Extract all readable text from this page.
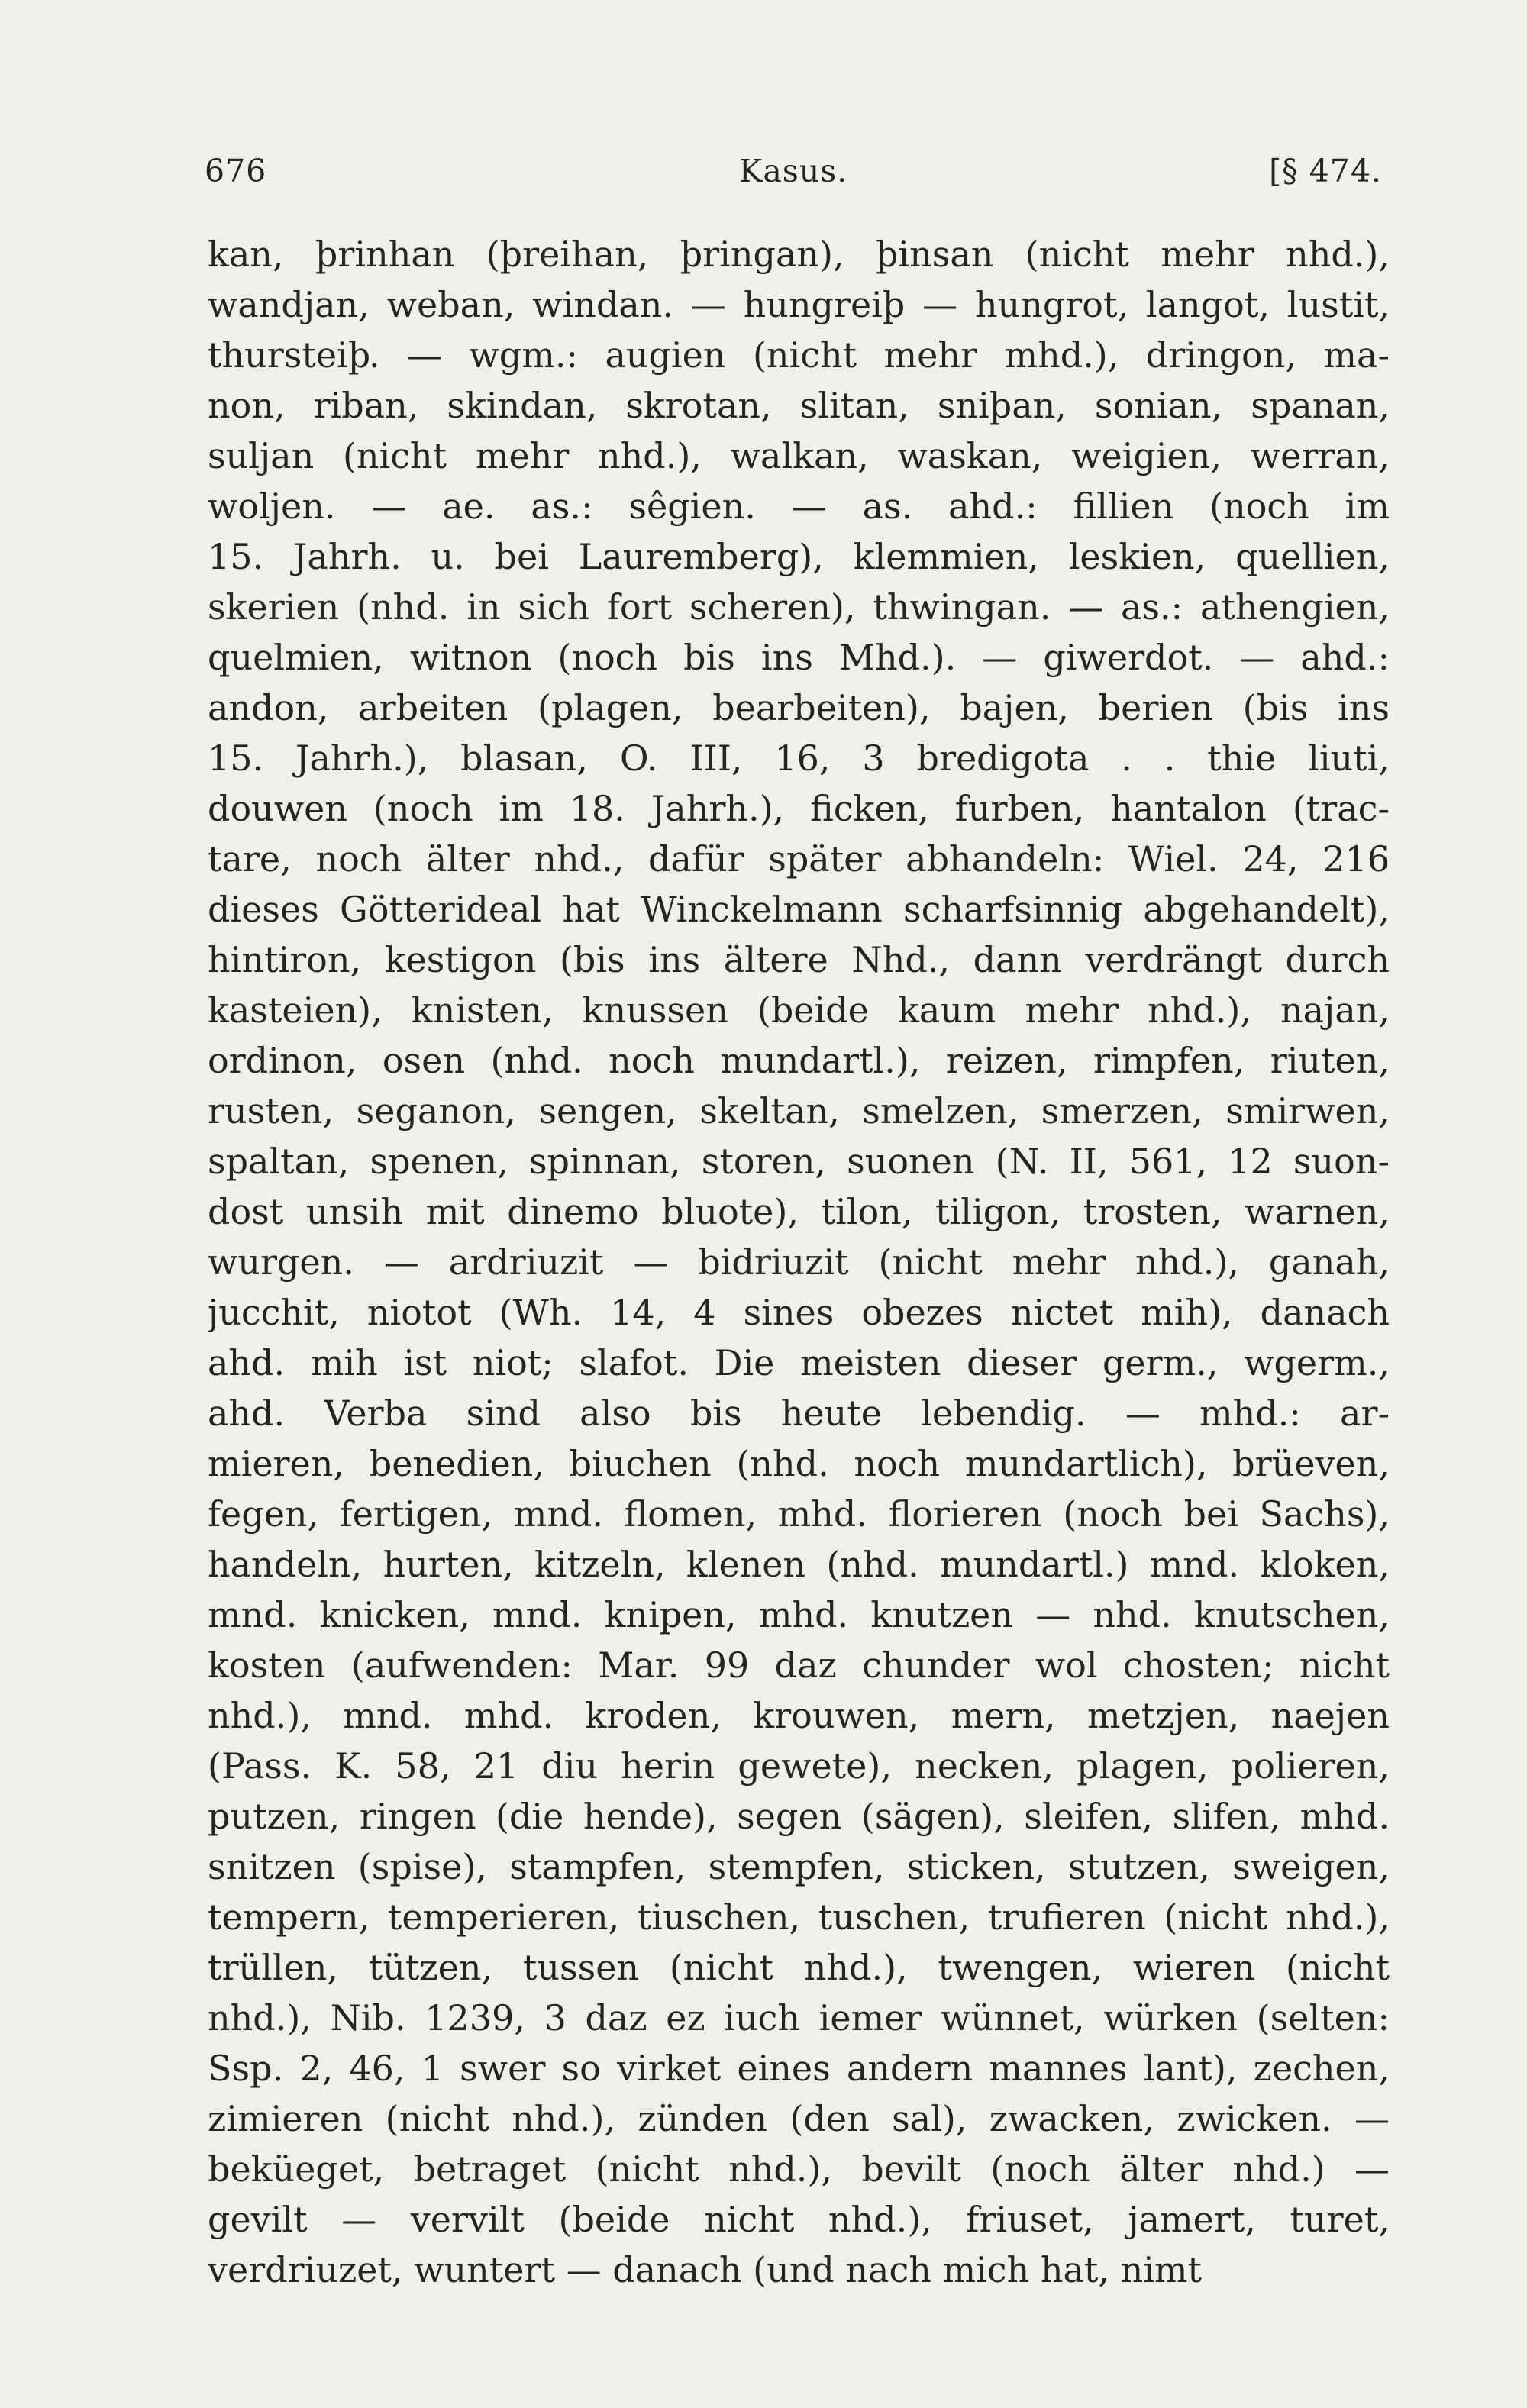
676	Kasus.	[§ 474.
kan, þrinhan (þreihan, þringan), þinsan (nicht mehr nhd.),
wandjan, weban, windan. — hungreiþ — hungrot, langot, lustit,
thursteiþ. — wgm.: augien (nicht mehr mhd.), dringon, ma-
non, riban, skindan, skrotan, slitan, sniþan, sonian, spanan,
suljan (nicht mehr nhd.), walkan, waskan, weigien, werran,
woljen. — ae. as.: sêgien. — as. ahd.: fillien (noch im
15. Jahrh. u. bei Lauremberg), klemmien, leskien, quellien,
skerien (nhd. in sich fort scheren), thwingan. — as.: athengien,
quelmien, witnon (noch bis ins Mhd.). — giwerdot. — ahd.:
andon, arbeiten (plagen, bearbeiten), bajen, berien (bis ins
15. Jahrh.), blasan, O. III, 16, 3 bredigota . . thie liuti,
douwen (noch im 18. Jahrh.), ficken, furben, hantalon (trac-
tare, noch älter nhd., dafür später abhandeln: Wiel. 24, 216
dieses Götterideal hat Winckelmann scharfsinnig abgehandelt),
hintiron, kestigon (bis ins ältere Nhd., dann verdrängt durch
kasteien), knisten, knussen (beide kaum mehr nhd.), najan,
ordinon, osen (nhd. noch mundartl.), reizen, rimpfen, riuten,
rusten, seganon, sengen, skeltan, smelzen, smerzen, smirwen,
spaltan, spenen, spinnan, storen, suonen (N. II, 561, 12 suon-
dost unsih mit dinemo bluote), tilon, tiligon, trosten, warnen,
wurgen. — ardriuzit — bidriuzit (nicht mehr nhd.), ganah,
jucchit, niotot (Wh. 14, 4 sines obezes nictet mih), danach
ahd. mih ist niot; slafot. Die meisten dieser germ., wgerm.,
ahd. Verba sind also bis heute lebendig. — mhd.: ar-
mieren, benedien, biuchen (nhd. noch mundartlich), brüeven,
fegen, fertigen, mnd. flomen, mhd. florieren (noch bei Sachs),
handeln, hurten, kitzeln, klenen (nhd. mundartl.) mnd. kloken,
mnd. knicken, mnd. knipen, mhd. knutzen — nhd. knutschen,
kosten (aufwenden: Mar. 99 daz chunder wol chosten; nicht
nhd.), mnd. mhd. kroden, krouwen, mern, metzjen, naejen
(Pass. K. 58, 21 diu herin gewete), necken, plagen, polieren,
putzen, ringen (die hende), segen (sägen), sleifen, slifen, mhd.
snitzen (spise), stampfen, stempfen, sticken, stutzen, sweigen,
tempern, temperieren, tiuschen, tuschen, trufieren (nicht nhd.),
trüllen, tützen, tussen (nicht nhd.), twengen, wieren (nicht
nhd.), Nib. 1239, 3 daz ez iuch iemer wünnet, würken (selten:
Ssp. 2, 46, 1 swer so virket eines andern mannes lant), zechen,
zimieren (nicht nhd.), zünden (den sal), zwacken, zwicken. —
beküeget, betraget (nicht nhd.), bevilt (noch älter nhd.) —
gevilt — vervilt (beide nicht nhd.), friuset, jamert, turet,
verdriuzet, wuntert — danach (und nach mich hat, nimt
